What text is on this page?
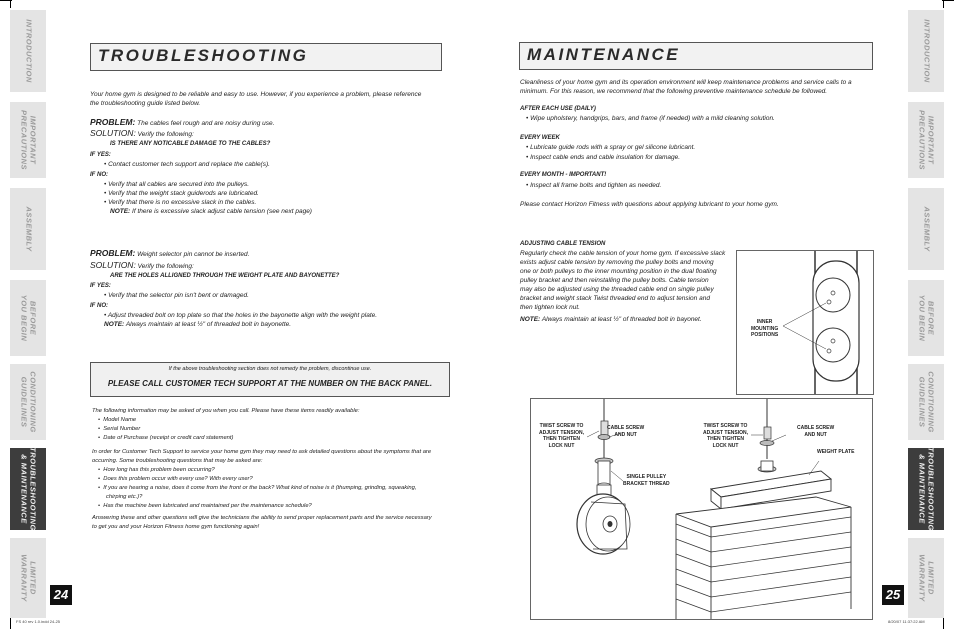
INTRODUCTION
IMPORTANT
PRECAUTIONS
ASSEMBLY
BEFORE
YOU BEGIN
CONDITIONING
GUIDELINES
TROUBLESHOOTING
& MAINTENANCE
LIMITED
WARRANTY
INTRODUCTION
IMPORTANT
PRECAUTIONS
ASSEMBLY
BEFORE
YOU BEGIN
CONDITIONING
GUIDELINES
TROUBLESHOOTING
& MAINTENANCE
LIMITED
WARRANTY
TROUBLESHOOTING
Your home gym is designed to be reliable and easy to use. However, if you experience a problem, please reference
the troubleshooting guide listed below.
PROBLEM: The cables feel rough and are noisy during use.
SOLUTION: Verify the following:
IS THERE ANY NOTICABLE DAMAGE TO THE CABLES?
IF YES:
• Contact customer tech support and replace the cable(s).
IF NO:
• Verify that all cables are secured into the pulleys.
• Verify that the weight stack guiderods are lubricated.
• Verify that there is no excessive slack in the cables.
NOTE: If there is excessive slack adjust cable tension (see next page)
PROBLEM: Weight selector pin cannot be inserted.
SOLUTION: Verify the following:
ARE THE HOLES ALLIGNED THROUGH THE WEIGHT PLATE AND BAYONETTE?
IF YES:
• Verify that the selector pin isn't bent or damaged.
IF NO:
• Adjust threaded bolt on top plate so that the holes in the bayonette align with the weight plate.
NOTE: Always maintain at least ½" of threaded bolt in bayonette.
If the above troubleshooting section does not remedy the problem, discontinue use.
PLEASE CALL CUSTOMER TECH SUPPORT AT THE NUMBER ON THE BACK PANEL.
The following information may be asked of you when you call. Please have these items readily available:
•  Model Name
•  Serial Number
•  Date of Purchase (receipt or credit card statement)
In order for Customer Tech Support to service your home gym they may need to ask detailed questions about the symptoms that are
occurring. Some troubleshooting questions that may be asked are:
•  How long has this problem been occurring?
•  Does this problem occur with every use? With every user?
•  If you are hearing a noise, does it come from the front or the back? What kind of noise is it (thumping, grinding, squeaking,
chirping etc.)?
•  Has the machine been lubricated and maintained per the maintenance schedule?
Answering these and other questions will give the technicians the ability to send proper replacement parts and the service necessary
to get you and your Horizon Fitness home gym functioning again!
24
FS 40 rev 1.0.indd 24-25
MAINTENANCE
Cleanliness of your home gym and its operation environment will keep maintenance problems and service calls to a
minimum. For this reason, we recommend that the following preventive maintenance schedule be followed.
AFTER EACH USE (DAILY)
• Wipe upholstery, handgrips, bars, and frame (if needed) with a mild cleaning solution.
EVERY WEEK
• Lubricate guide rods with a spray or gel silicone lubricant.
• Inspect cable ends and cable insulation for damage.
EVERY MONTH - IMPORTANT!
• Inspect all frame bolts and tighten as needed.
Please contact Horizon Fitness with questions about applying lubricant to your home gym.
ADJUSTING CABLE TENSION
Regularly check the cable tension of your home gym. If excessive slack
exists adjust cable tension by removing the pulley bolts and moving
one or both pulleys to the inner mounting position in the dual floating
pulley bracket and then reinstalling the pulley bolts. Cable tension
may also be adjusted using the threaded cable end on single pulley
bracket and weight stack Twist threaded end to adjust tension and
then tighten lock nut.
NOTE: Always maintain at least ½" of threaded bolt in bayonet.	INNER
MOUNTING
POSITIONS
TWIST SCREW TO
ADJUST TENSION,
THEN TIGHTEN
LOCK NUT
CABLE SCREW
AND NUT
SINGLE PULLEY
BRACKET THREAD
TWIST SCREW TO
ADJUST TENSION,
THEN TIGHTEN
LOCK NUT
CABLE SCREW
AND NUT
WEIGHT PLATE
25
8/20/07 11:37:22 AM
